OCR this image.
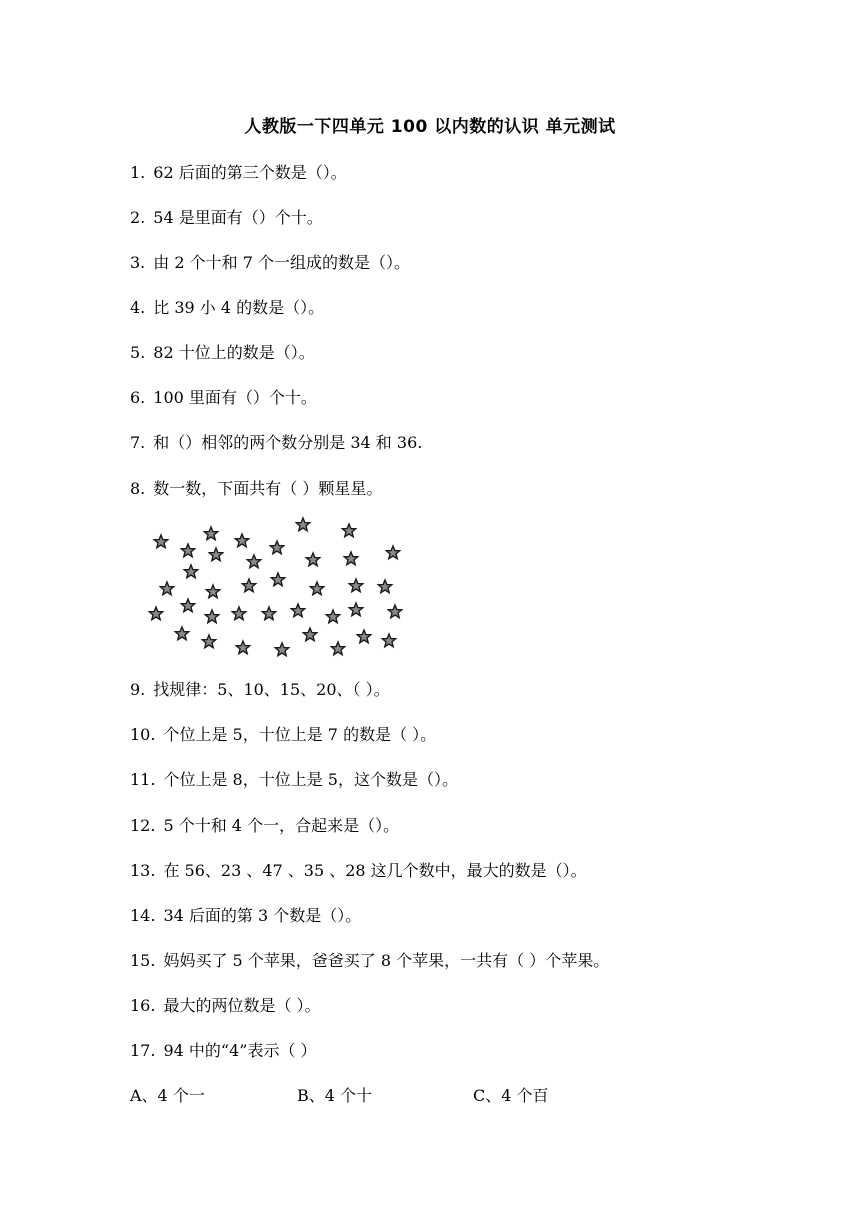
人教版一下四单元 100 以内数的认识 单元测试
1. 62 后面的第三个数是（）。
2. 54 是里面有（）个十。
3. 由 2 个十和 7 个一组成的数是（）。
4. 比 39 小 4 的数是（）。
5. 82 十位上的数是（）。
6. 100 里面有（）个十。
7. 和（）相邻的两个数分别是 34 和 36.
8. 数一数，下面共有（ ）颗星星。
9. 找规律：5、10、15、20、（ ）。
10. 个位上是 5，十位上是 7 的数是（ ）。
11. 个位上是 8，十位上是 5，这个数是（）。
12. 5 个十和 4 个一，合起来是（）。
13. 在 56、23 、47 、35 、28 这几个数中，最大的数是（）。
14. 34 后面的第 3 个数是（）。
15. 妈妈买了 5 个苹果，爸爸买了 8 个苹果，一共有（ ）个苹果。
16. 最大的两位数是（ ）。
17. 94 中的“4”表示（ ）
A、4 个一	B、4 个十	C、4 个百
